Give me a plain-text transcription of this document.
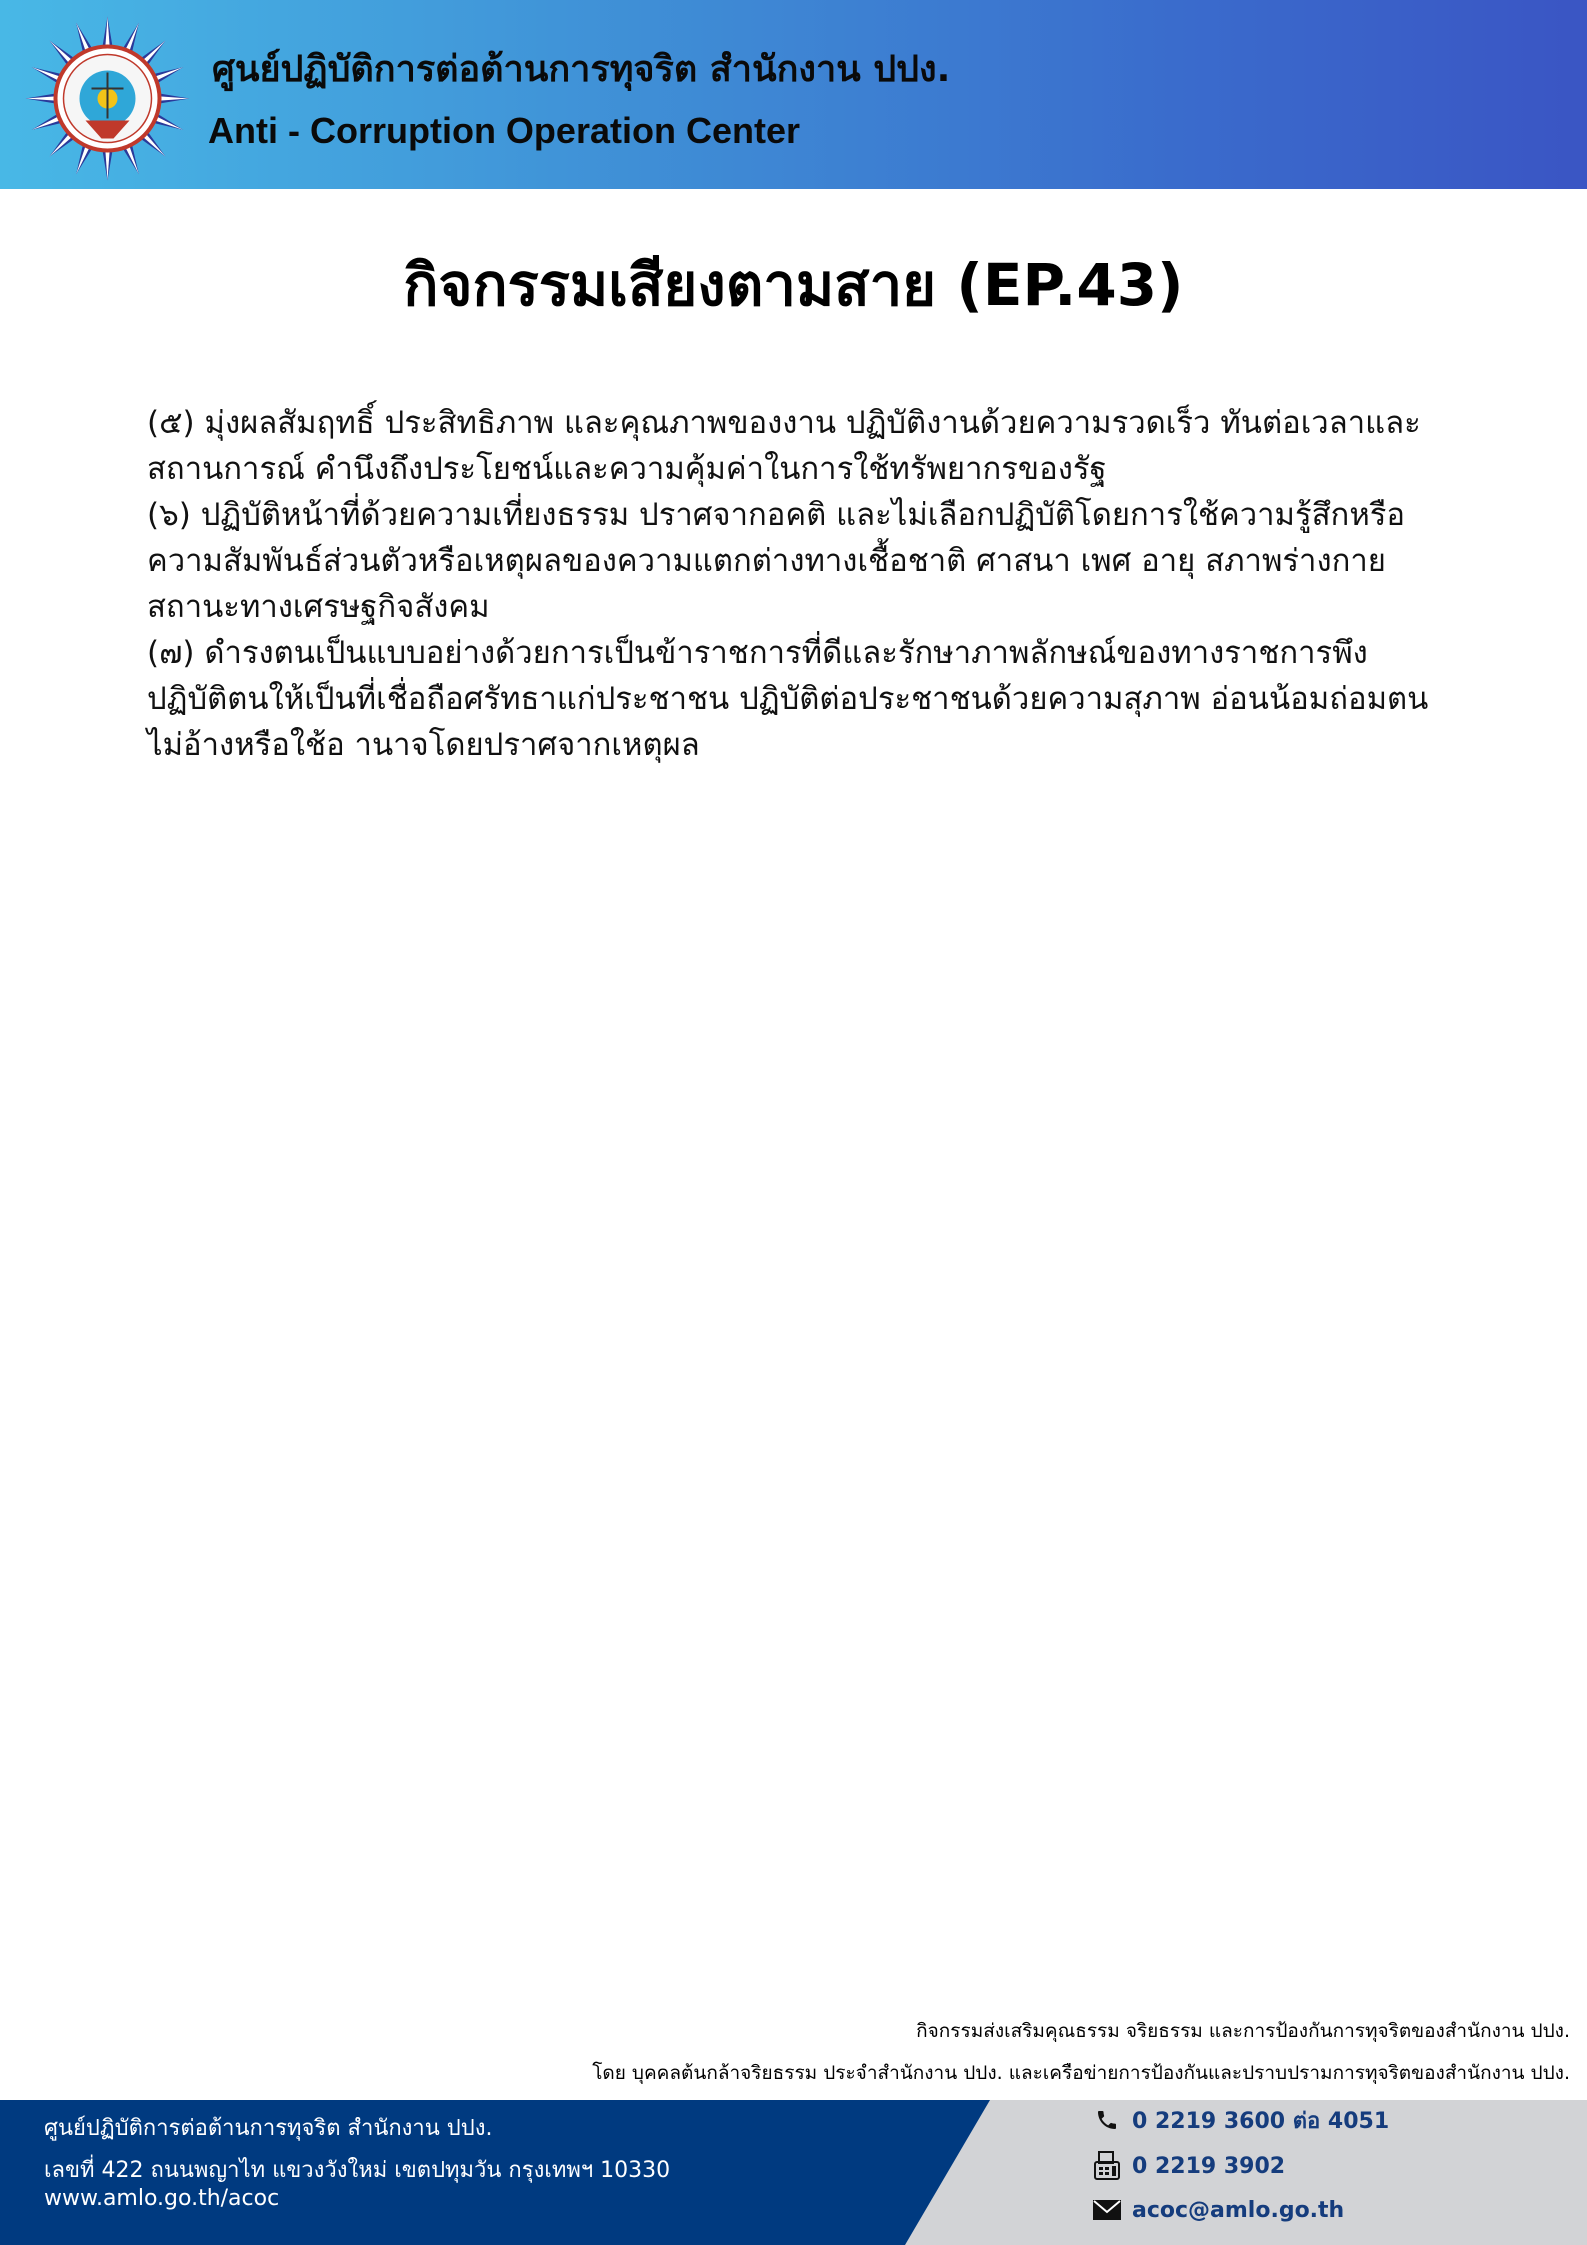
ศูนย์ปฏิบัติการต่อต้านการทุจริต สำนักงาน ปปง.
Anti - Corruption Operation Center
กิจกรรมเสียงตามสาย (EP.43)

(๕) มุ่งผลสัมฤทธิ์ ประสิทธิภาพ และคุณภาพของงาน ปฏิบัติงานด้วยความรวดเร็ว ทันต่อเวลาและสถานการณ์ คำนึงถึงประโยชน์และความคุ้มค่าในการใช้ทรัพยากรของรัฐ

(๖) ปฏิบัติหน้าที่ด้วยความเที่ยงธรรม ปราศจากอคติ และไม่เลือกปฏิบัติโดยการใช้ความรู้สึกหรือความสัมพันธ์ส่วนตัวหรือเหตุผลของความแตกต่างทางเชื้อชาติ ศาสนา เพศ อายุ สภาพร่างกาย สถานะทางเศรษฐกิจสังคม

(๗) ดำรงตนเป็นแบบอย่างด้วยการเป็นข้าราชการที่ดีและรักษาภาพลักษณ์ของทางราชการพึงปฏิบัติตนให้เป็นที่เชื่อถือศรัทธาแก่ประชาชน ปฏิบัติต่อประชาชนด้วยความสุภาพ อ่อนน้อมถ่อมตน ไม่อ้างหรือใช้อ านาจโดยปราศจากเหตุผล

กิจกรรมส่งเสริมคุณธรรม จริยธรรม และการป้องกันการทุจริตของสำนักงาน ปปง.
โดย บุคคลต้นกล้าจริยธรรม ประจำสำนักงาน ปปง. และเครือข่ายการป้องกันและปราบปรามการทุจริตของสำนักงาน ปปง.
ศูนย์ปฏิบัติการต่อต้านการทุจริต สำนักงาน ปปง.
เลขที่ 422 ถนนพญาไท แขวงวังใหม่ เขตปทุมวัน กรุงเทพฯ 10330
www.amlo.go.th/acoc
0 2219 3600 ต่อ 4051
0 2219 3902
acoc@amlo.go.th
